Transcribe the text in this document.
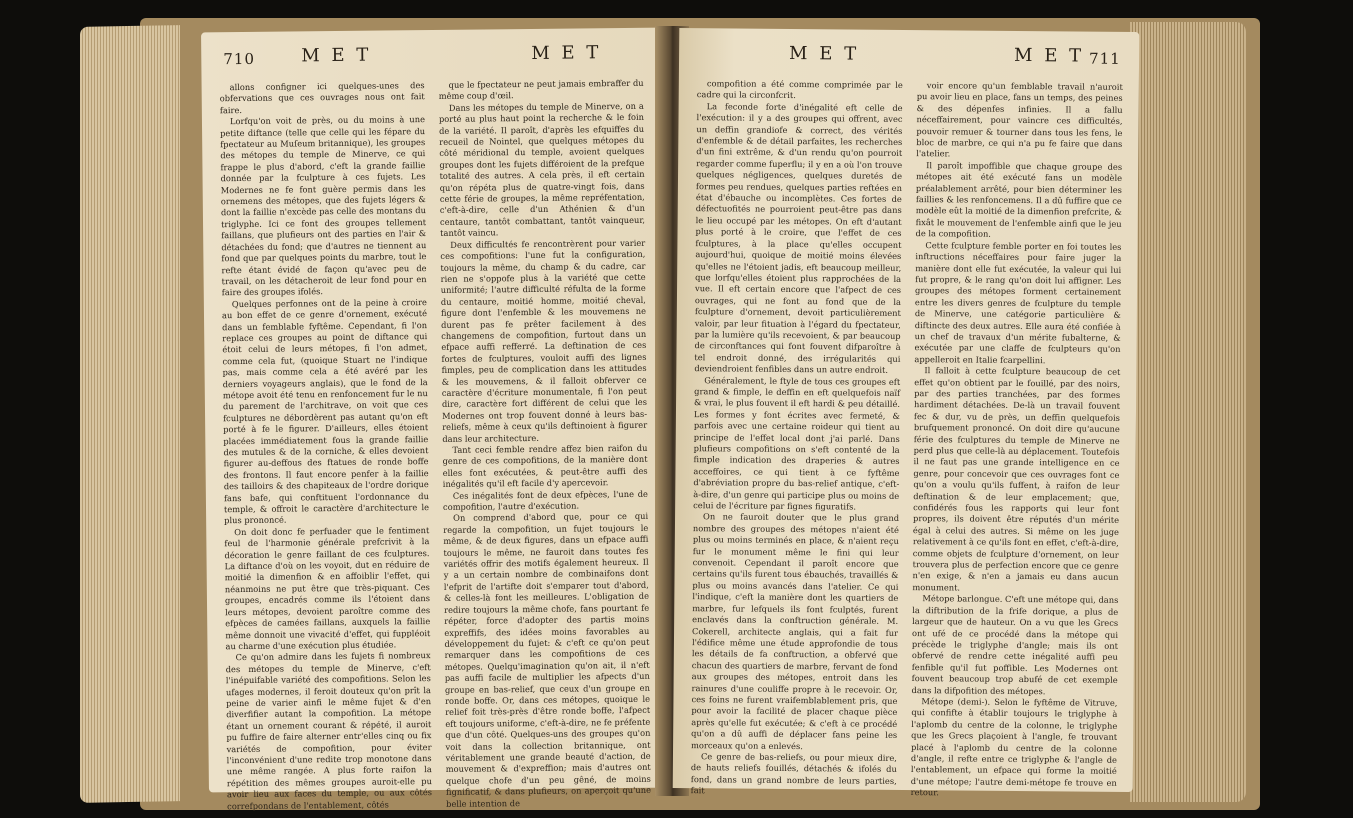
710	M E T	M E T

allons configner ici quelques-unes des obfervations que ces ouvrages nous ont fait faire.

Lorfqu'on voit de près, ou du moins à une petite diftance (telle que celle qui les fépare du fpectateur au Muſeum britannique), les groupes des métopes du temple de Minerve, ce qui frappe le plus d'abord, c'eft la grande faillie donnée par la fculpture à ces fujets. Les Modernes ne fe font guère permis dans les ornemens des métopes, que des fujets légers & dont la faillie n'excède pas celle des montans du triglyphe. Ici ce font des groupes tellement faillans, que plufieurs ont des parties en l'air & détachées du fond; que d'autres ne tiennent au fond que par quelques points du marbre, tout le refte étant évidé de façon qu'avec peu de travail, on les détacheroit de leur fond pour en faire des groupes ifolés.

Quelques perfonnes ont de la peine à croire au bon effet de ce genre d'ornement, exécuté dans un femblable fyftême. Cependant, fi l'on replace ces groupes au point de diftance qui étoit celui de leurs métopes, fi l'on admet, comme cela fut, (quoique Stuart ne l'indique pas, mais comme cela a été avéré par les derniers voyageurs anglais), que le fond de la métope avoit été tenu en renfoncement fur le nu du parement de l'architrave, on voit que ces fculptures ne débordèrent pas autant qu'on eft porté à fe le figurer. D'ailleurs, elles étoient placées immédiatement fous la grande faillie des mutules & de la corniche, & elles devoient figurer au-deffous des ftatues de ronde boffe des frontons. Il faut encore penfer à la faillie des tailloirs & des chapiteaux de l'ordre dorique fans bafe, qui conftituent l'ordonnance du temple, & offroit le caractère d'architecture le plus prononcé.

On doit donc fe perfuader que le fentiment feul de l'harmonie générale prefcrivit à la décoration le genre faillant de ces fculptures. La diftance d'où on les voyoit, dut en réduire de moitié la dimenfion & en affoiblir l'effet, qui néanmoins ne put être que très-piquant. Ces groupes, encadrés comme ils l'étoient dans leurs métopes, devoient paroître comme des efpèces de camées faillans, auxquels la faillie même donnoit une vivacité d'effet, qui fuppléoit au charme d'une exécution plus étudiée.

Ce qu'on admire dans les fujets fi nombreux des métopes du temple de Minerve, c'eft l'inépuifable variété des compofitions. Selon les ufages modernes, il feroit douteux qu'on prît la peine de varier ainfi le même fujet & d'en diverfifier autant la compofition. La métope étant un ornement courant & répété, il auroit pu fuffire de faire alterner entr'elles cinq ou fix variétés de compofition, pour éviter l'inconvénient d'une redite trop monotone dans une même rangée. A plus forte raifon la répétition des mêmes groupes auroit-elle pu avoir lieu aux faces du temple, ou aux côtés correfpondans de l'entablement, côtés

que le fpectateur ne peut jamais embraffer du même coup d'œil.

Dans les métopes du temple de Minerve, on a porté au plus haut point la recherche & le foin de la variété. Il paroît, d'après les efquiffes du recueil de Nointel, que quelques métopes du côté méridional du temple, avoient quelques groupes dont les fujets différoient de la prefque totalité des autres. A cela près, il eft certain qu'on répéta plus de quatre-vingt fois, dans cette férie de groupes, la même repréfentation, c'eft-à-dire, celle d'un Athénien & d'un centaure, tantôt combattant, tantôt vainqueur, tantôt vaincu.

Deux difficultés fe rencontrèrent pour varier ces compofitions: l'une fut la configuration, toujours la même, du champ & du cadre, car rien ne s'oppofe plus à la variété que cette uniformité; l'autre difficulté réfulta de la forme du centaure, moitié homme, moitié cheval, figure dont l'enfemble & les mouvemens ne durent pas fe prêter facilement à des changemens de compofition, furtout dans un efpace auffi refferré. La deftination de ces fortes de fculptures, vouloit auffi des lignes fimples, peu de complication dans les attitudes & les mouvemens, & il falloit obferver ce caractère d'écriture monumentale, fi l'on peut dire, caractère fort différent de celui que les Modernes ont trop fouvent donné à leurs bas-reliefs, même à ceux qu'ils deftinoient à figurer dans leur architecture.

Tant ceci femble rendre affez bien raifon du genre de ces compofitions, de la manière dont elles font exécutées, & peut-être auffi des inégalités qu'il eft facile d'y apercevoir.

Ces inégalités font de deux efpèces, l'une de compofition, l'autre d'exécution.

On comprend d'abord que, pour ce qui regarde la compofition, un fujet toujours le même, & de deux figures, dans un efpace auffi toujours le même, ne fauroit dans toutes fes variétés offrir des motifs également heureux. Il y a un certain nombre de combinaifons dont l'efprit de l'artifte doit s'emparer tout d'abord, & celles-là font les meilleures. L'obligation de redire toujours la même chofe, fans pourtant fe répéter, force d'adopter des partis moins expreffifs, des idées moins favorables au développement du fujet: & c'eft ce qu'on peut remarquer dans les compofitions de ces métopes. Quelqu'imagination qu'on ait, il n'eft pas auffi facile de multiplier les afpects d'un groupe en bas-relief, que ceux d'un groupe en ronde boffe. Or, dans ces métopes, quoique le relief foit très-près d'être ronde boffe, l'afpect eft toujours uniforme, c'eft-à-dire, ne fe préfente que d'un côté. Quelques-uns des groupes qu'on voit dans la collection britannique, ont véritablement une grande beauté d'action, de mouvement & d'expreffion; mais d'autres ont quelque chofe d'un peu gêné, de moins fignificatif, & dans plufieurs, on aperçoit qu'une belle intention de

M E T	M E T 711

compofition a été comme comprimée par le cadre qui la circonfcrit.

La feconde forte d'inégalité eft celle de l'exécution: il y a des groupes qui offrent, avec un deffin grandiofe & correct, des vérités d'enfemble & de détail parfaites, les recherches d'un fini extrême, & d'un rendu qu'on pourroit regarder comme fuperflu; il y en a où l'on trouve quelques négligences, quelques duretés de formes peu rendues, quelques parties reftées en état d'ébauche ou incomplètes. Ces fortes de défectuofités ne pourroient peut-être pas dans le lieu occupé par les métopes. On eft d'autant plus porté à le croire, que l'effet de ces fculptures, à la place qu'elles occupent aujourd'hui, quoique de moitié moins élevées qu'elles ne l'étoient jadis, eft beaucoup meilleur, que lorfqu'elles étoient plus rapprochées de la vue. Il eft certain encore que l'afpect de ces ouvrages, qui ne font au fond que de la fculpture d'ornement, devoit particulièrement valoir, par leur fituation à l'égard du fpectateur, par la lumière qu'ils recevoient, & par beaucoup de circonftances qui font fouvent difparoître à tel endroit donné, des irrégularités qui deviendroient fenfibles dans un autre endroit.

Généralement, le ftyle de tous ces groupes eft grand & fimple, le deffin en eft quelquefois naïf & vrai, le plus fouvent il eft hardi & peu détaillé. Les formes y font écrites avec fermeté, & parfois avec une certaine roideur qui tient au principe de l'effet local dont j'ai parlé. Dans plufieurs compofitions on s'eft contenté de la fimple indication des draperies & autres acceffoires, ce qui tient à ce fyftême d'abréviation propre du bas-relief antique, c'eft-à-dire, d'un genre qui participe plus ou moins de celui de l'écriture par fignes figuratifs.

On ne fauroit douter que le plus grand nombre des groupes des métopes n'aient été plus ou moins terminés en place, & n'aient reçu fur le monument même le fini qui leur convenoit. Cependant il paroît encore que certains qu'ils furent tous ébauchés, travaillés & plus ou moins avancés dans l'atelier. Ce qui l'indique, c'eft la manière dont les quartiers de marbre, fur lefquels ils font fculptés, furent enclavés dans la conftruction générale. M. Cokerell, architecte anglais, qui a fait fur l'édifice même une étude approfondie de tous les détails de fa conftruction, a obfervé que chacun des quartiers de marbre, fervant de fond aux groupes des métopes, entroit dans les rainures d'une couliffe propre à le recevoir. Or, ces foins ne furent vraifemblablement pris, que pour avoir la facilité de placer chaque pièce après qu'elle fut exécutée; & c'eft à ce procédé qu'on a dû auffi de déplacer fans peine les morceaux qu'on a enlevés.

Ce genre de bas-reliefs, ou pour mieux dire, de hauts reliefs fouillés, détachés & ifolés du fond, dans un grand nombre de leurs parties, fait

voir encore qu'un femblable travail n'auroit pu avoir lieu en place, fans un temps, des peines & des dépenfes infinies. Il a fallu néceffairement, pour vaincre ces difficultés, pouvoir remuer & tourner dans tous les fens, le bloc de marbre, ce qui n'a pu fe faire que dans l'atelier.

Il paroît impoffible que chaque groupe des métopes ait été exécuté fans un modèle préalablement arrêté, pour bien déterminer les faillies & les renfoncemens. Il a dû fuffire que ce modèle eût la moitié de la dimenfion prefcrite, & fixât le mouvement de l'enfemble ainfi que le jeu de la compofition.

Cette fculpture femble porter en foi toutes les inftructions néceffaires pour faire juger la manière dont elle fut exécutée, la valeur qui lui fut propre, & le rang qu'on doit lui affigner. Les groupes des métopes forment certainement entre les divers genres de fculpture du temple de Minerve, une catégorie particulière & diftincte des deux autres. Elle aura été confiée à un chef de travaux d'un mérite fubalterne, & exécutée par une claffe de fculpteurs qu'on appelleroit en Italie fcarpellini.

Il falloit à cette fculpture beaucoup de cet effet qu'on obtient par le fouillé, par des noirs, par des parties tranchées, par des formes hardiment détachées. De-là un travail fouvent fec & dur, vu de près, un deffin quelquefois brufquement prononcé. On doit dire qu'aucune férie des fculptures du temple de Minerve ne perd plus que celle-là au déplacement. Toutefois il ne faut pas une grande intelligence en ce genre, pour concevoir que ces ouvrages font ce qu'on a voulu qu'ils fuffent, à raifon de leur deftination & de leur emplacement; que, confidérés fous les rapports qui leur font propres, ils doivent être réputés d'un mérite égal à celui des autres. Si même on les juge relativement à ce qu'ils font en effet, c'eft-à-dire, comme objets de fculpture d'ornement, on leur trouvera plus de perfection encore que ce genre n'en exige, & n'en a jamais eu dans aucun monument.

Métope barlongue. C'eft une métope qui, dans la diftribution de la frife dorique, a plus de largeur que de hauteur. On a vu que les Grecs ont ufé de ce procédé dans la métope qui précède le triglyphe d'angle; mais ils ont obfervé de rendre cette inégalité auffi peu fenfible qu'il fut poffible. Les Modernes ont fouvent beaucoup trop abufé de cet exemple dans la difpofition des métopes.

Métope (demi-). Selon le fyftême de Vitruve, qui confifte à établir toujours le triglyphe à l'aplomb du centre de la colonne, le triglyphe que les Grecs plaçoient à l'angle, fe trouvant placé à l'aplomb du centre de la colonne d'angle, il refte entre ce triglyphe & l'angle de l'entablement, un efpace qui forme la moitié d'une métope; l'autre demi-métope fe trouve en retour.
